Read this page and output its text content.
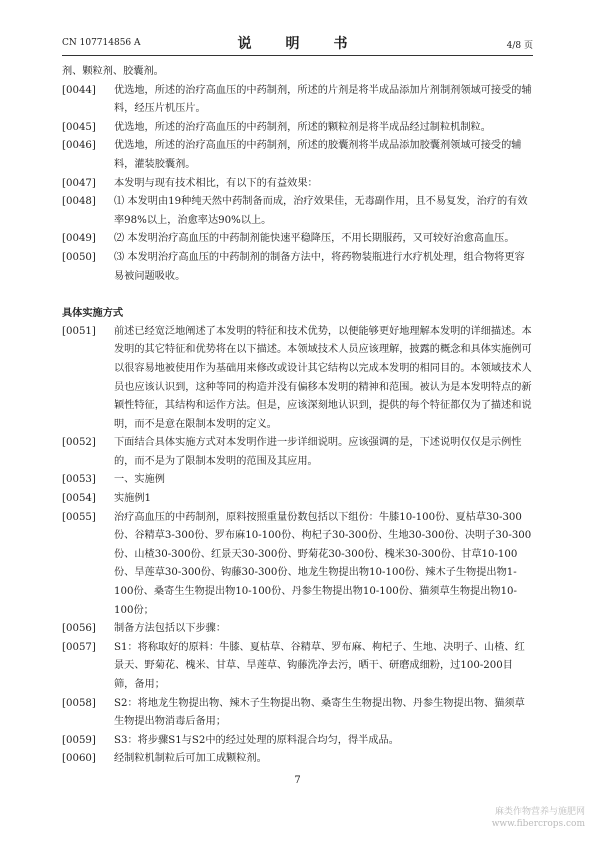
CN 107714856 A	说　明　书	4/8 页
剂、颗粒剂、胶囊剂。
[0044]	优选地，所述的治疗高血压的中药制剂，所述的片剂是将半成品添加片剂制剂领域可接受的辅料，经压片机压片。
[0045]	优选地，所述的治疗高血压的中药制剂，所述的颗粒剂是将半成品经过制粒机制粒。
[0046]	优选地，所述的治疗高血压的中药制剂，所述的胶囊剂将半成品添加胶囊剂领域可接受的辅料，灌装胶囊剂。
[0047]	本发明与现有技术相比，有以下的有益效果：
[0048]	⑴ 本发明由19种纯天然中药制备而成，治疗效果佳，无毒副作用，且不易复发，治疗的有效率98%以上，治愈率达90%以上。
[0049]	⑵ 本发明治疗高血压的中药制剂能快速平稳降压，不用长期服药，又可较好治愈高血压。
[0050]	⑶ 本发明治疗高血压的中药制剂的制备方法中，将药物装瓶进行水疗机处理，组合物将更容易被问题吸收。
具体实施方式
[0051]	前述已经宽泛地阐述了本发明的特征和技术优势，以便能够更好地理解本发明的详细描述。本发明的其它特征和优势将在以下描述。本领域技术人员应该理解，披露的概念和具体实施例可以很容易地被使用作为基础用来修改或设计其它结构以完成本发明的相同目的。本领域技术人员也应该认识到，这种等同的构造并没有偏移本发明的精神和范围。被认为是本发明特点的新颖性特征，其结构和运作方法。但是，应该深刻地认识到，提供的每个特征都仅为了描述和说明，而不是意在限制本发明的定义。
[0052]	下面结合具体实施方式对本发明作进一步详细说明。应该强调的是，下述说明仅仅是示例性的，而不是为了限制本发明的范围及其应用。
[0053]	一、实施例
[0054]	实施例1
[0055]	治疗高血压的中药制剂，原料按照重量份数包括以下组份：牛膝10-100份、夏枯草30-300份、谷精草3-300份、罗布麻10-100份、枸杞子30-300份、生地30-300份、决明子30-300份、山楂30-300份、红景天30-300份、野菊花30-300份、槐米30-300份、甘草10-100份、旱莲草30-300份、钩藤30-300份、地龙生物提出物10-100份、辣木子生物提出物1-100份、桑寄生生物提出物10-100份、丹参生物提出物10-100份、猫须草生物提出物10-100份；
[0056]	制备方法包括以下步骤：
[0057]	S1：将称取好的原料：牛膝、夏枯草、谷精草、罗布麻、枸杞子、生地、决明子、山楂、红景天、野菊花、槐米、甘草、旱莲草、钩藤洗净去污，晒干、研磨成细粉，过100-200目筛，备用；
[0058]	S2：将地龙生物提出物、辣木子生物提出物、桑寄生生物提出物、丹参生物提出物、猫须草生物提出物消毒后备用；
[0059]	S3：将步骤S1与S2中的经过处理的原料混合均匀，得半成品。
[0060]	经制粒机制粒后可加工成颗粒剂。
7
麻类作物营养与施肥网
www.fibercrops.com
